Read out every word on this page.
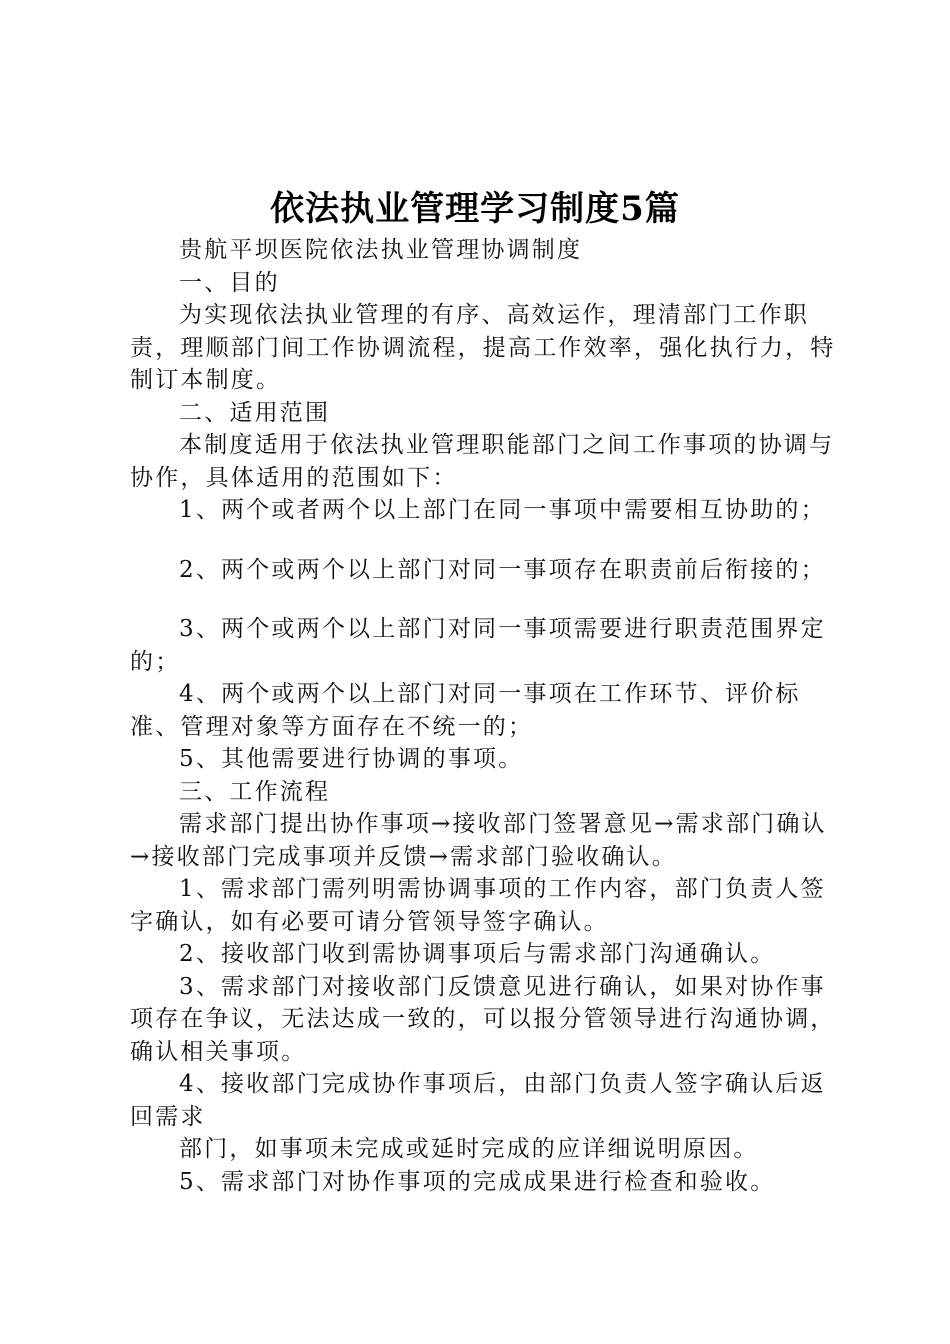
依法执业管理学习制度5篇

贵航平坝医院依法执业管理协调制度

一、目的

为实现依法执业管理的有序、高效运作，理清部门工作职责，理顺部门间工作协调流程，提高工作效率，强化执行力，特制订本制度。

二、适用范围

本制度适用于依法执业管理职能部门之间工作事项的协调与协作，具体适用的范围如下：

1、两个或者两个以上部门在同一事项中需要相互协助的；

2、两个或两个以上部门对同一事项存在职责前后衔接的；

3、两个或两个以上部门对同一事项需要进行职责范围界定的；

4、两个或两个以上部门对同一事项在工作环节、评价标准、管理对象等方面存在不统一的；

5、其他需要进行协调的事项。

三、工作流程

需求部门提出协作事项→接收部门签署意见→需求部门确认→接收部门完成事项并反馈→需求部门验收确认。

1、需求部门需列明需协调事项的工作内容，部门负责人签字确认，如有必要可请分管领导签字确认。

2、接收部门收到需协调事项后与需求部门沟通确认。

3、需求部门对接收部门反馈意见进行确认，如果对协作事项存在争议，无法达成一致的，可以报分管领导进行沟通协调，确认相关事项。

4、接收部门完成协作事项后，由部门负责人签字确认后返回需求

部门，如事项未完成或延时完成的应详细说明原因。

5、需求部门对协作事项的完成成果进行检查和验收。
